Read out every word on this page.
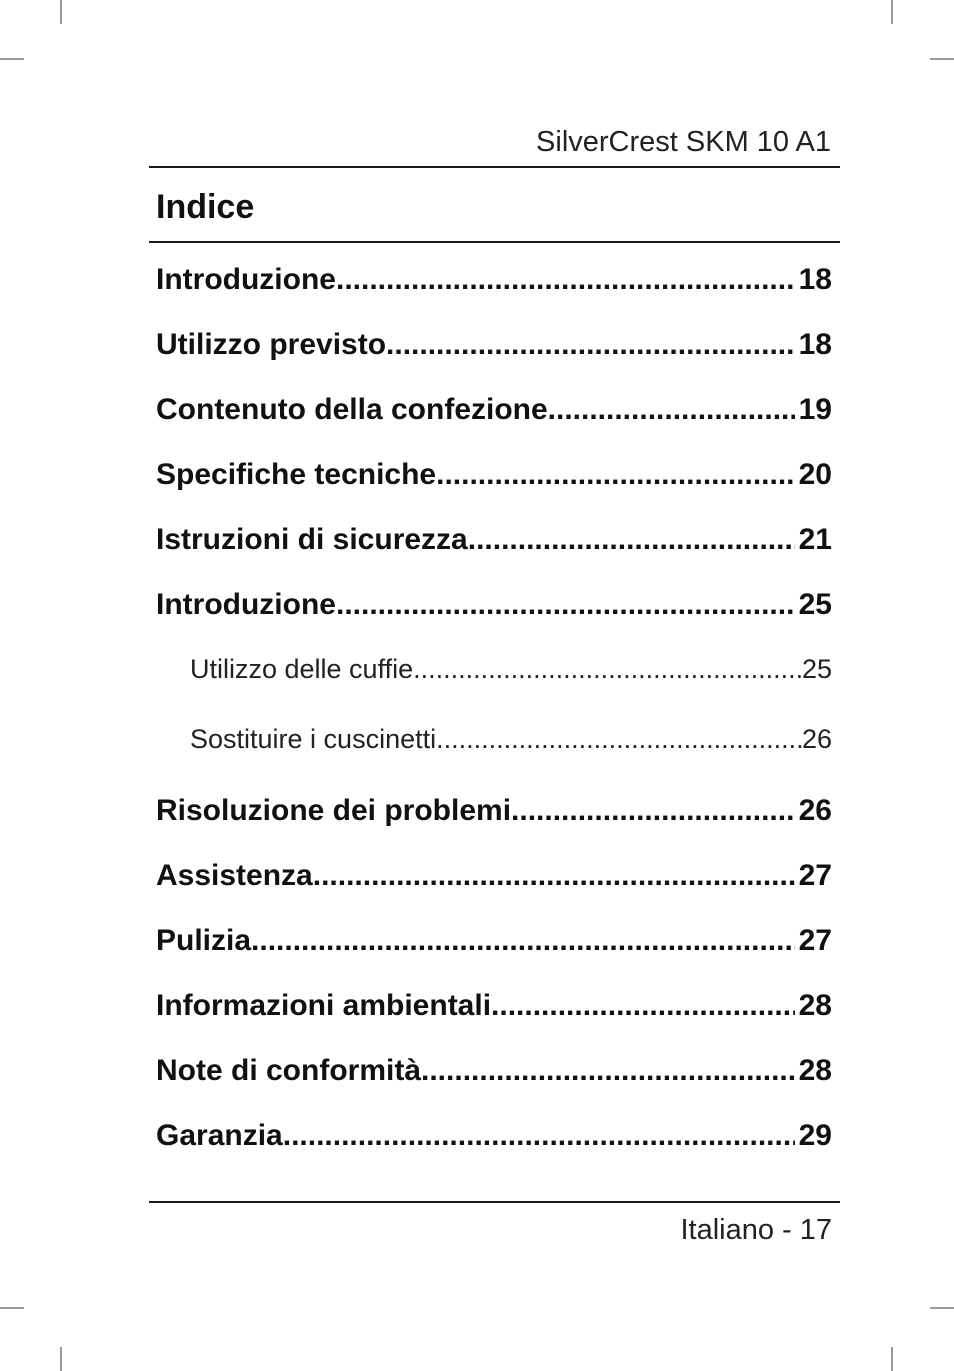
SilverCrest SKM 10 A1
Indice
Introduzione .....	18
Utilizzo previsto .....	18
Contenuto della confezione .....	19
Specifiche tecniche .....	20
Istruzioni di sicurezza .....	21
Introduzione .....	25
Utilizzo delle cuffie .....	25
Sostituire i cuscinetti .....	26
Risoluzione dei problemi .....	26
Assistenza .....	27
Pulizia .....	27
Informazioni ambientali .....	28
Note di conformità .....	28
Garanzia .....	29
Italiano - 17
